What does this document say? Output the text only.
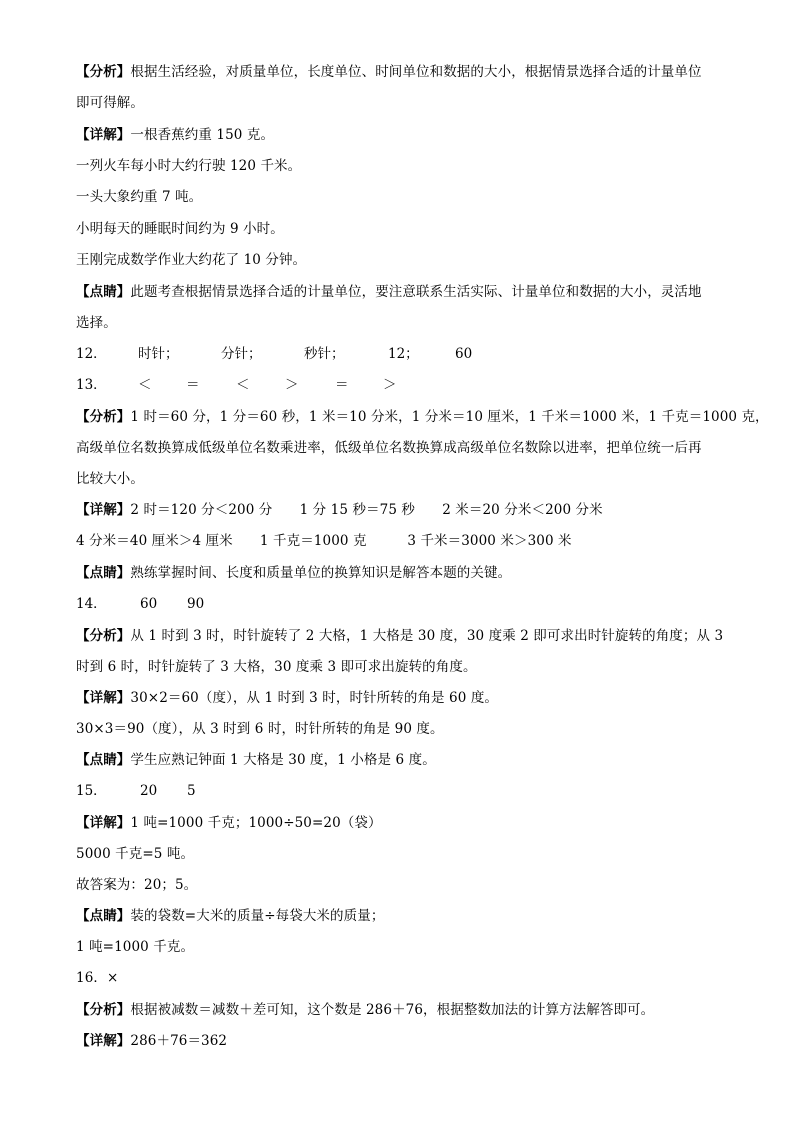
【分析】根据生活经验，对质量单位，长度单位、时间单位和数据的大小，根据情景选择合适的计量单位
即可得解。
【详解】一根香蕉约重 150 克。
一列火车每小时大约行驶 120 千米。
一头大象约重 7 吨。
小明每天的睡眠时间约为 9 小时。
王刚完成数学作业大约花了 10 分钟。
【点睛】此题考查根据情景选择合适的计量单位，要注意联系生活实际、计量单位和数据的大小，灵活地
选择。
12． 时针；	分针；	秒针；	12；	60
13． ＜	＝	＜	＞	＝	＞
【分析】1 时＝60 分，1 分＝60 秒，1 米＝10 分米，1 分米＝10 厘米，1 千米＝1000 米，1 千克＝1000 克，
高级单位名数换算成低级单位名数乘进率，低级单位名数换算成高级单位名数除以进率，把单位统一后再
比较大小。
【详解】2 时＝120 分＜200 分　　1 分 15 秒＝75 秒　　2 米＝20 分米＜200 分米
4 分米＝40 厘米＞4 厘米　　1 千克＝1000 克　　　3 千米＝3000 米＞300 米
【点睛】熟练掌握时间、长度和质量单位的换算知识是解答本题的关键。
14． 60 90
【分析】从 1 时到 3 时，时针旋转了 2 大格，1 大格是 30 度，30 度乘 2 即可求出时针旋转的角度；从 3
时到 6 时，时针旋转了 3 大格，30 度乘 3 即可求出旋转的角度。
【详解】30×2＝60（度），从 1 时到 3 时，时针所转的角是 60 度。
30×3＝90（度），从 3 时到 6 时，时针所转的角是 90 度。
【点睛】学生应熟记钟面 1 大格是 30 度，1 小格是 6 度。
15． 20 5
【详解】1 吨=1000 千克；1000÷50=20（袋）
5000 千克=5 吨。
故答案为：20；5。
【点睛】装的袋数=大米的质量÷每袋大米的质量；
1 吨=1000 千克。
16．×
【分析】根据被减数＝减数＋差可知，这个数是 286＋76，根据整数加法的计算方法解答即可。
【详解】286＋76＝362
